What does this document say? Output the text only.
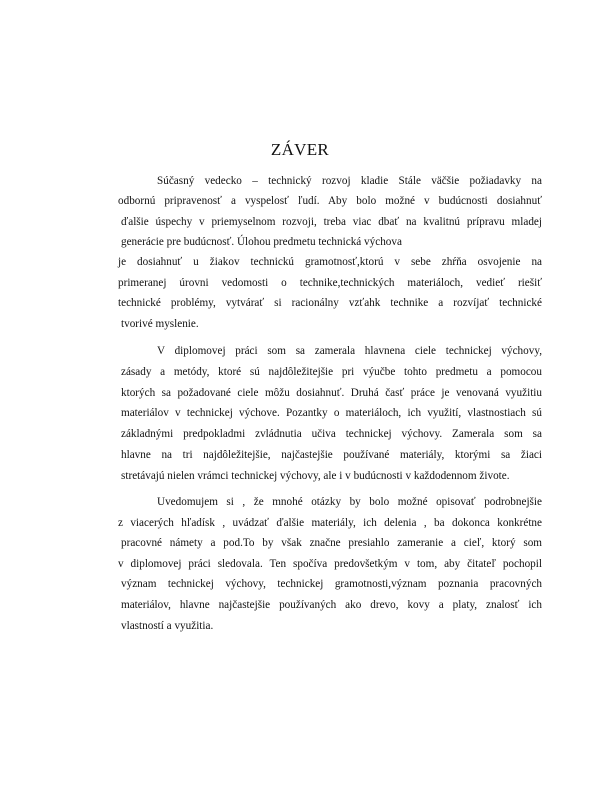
ZÁVER
Súčasný vedecko – technický rozvoj kladie Stále väčšie požiadavky na
odbornú pripravenosť a vyspelosť ľudí. Aby bolo možné v budúcnosti dosiahnuť
ďalšie úspechy v priemyselnom rozvoji, treba viac dbať na kvalitnú prípravu mladej
generácie pre budúcnosť. Úlohou predmetu technická výchova
je dosiahnuť u žiakov technickú gramotnosť,ktorú v sebe zhŕňa osvojenie na
primeranej úrovni vedomosti o technike,technických materiáloch, vedieť riešiť
technické problémy, vytvárať si racionálny vzťahk technike a rozvíjať technické
tvorivé myslenie.
V diplomovej práci som sa zamerala hlavnena ciele technickej výchovy,
zásady a metódy, ktoré sú najdôležitejšie pri výučbe tohto predmetu a pomocou
ktorých sa požadované ciele môžu dosiahnuť. Druhá časť práce je venovaná využitiu
materiálov v technickej výchove. Pozantky o materiáloch, ich využití, vlastnostiach sú
základnými predpokladmi zvládnutia učiva technickej výchovy. Zamerala som sa
hlavne na tri najdôležitejšie, najčastejšie používané materiály, ktorými sa žiaci
stretávajú nielen vrámci technickej výchovy, ale i v budúcnosti v každodennom živote.
Uvedomujem si , že mnohé otázky by bolo možné opisovať podrobnejšie
z viacerých hľadísk , uvádzať ďalšie materiály, ich delenia , ba dokonca konkrétne
pracovné námety a pod.To by však značne presiahlo zameranie a cieľ, ktorý som
v diplomovej práci sledovala. Ten spočíva predovšetkým v tom, aby čitateľ pochopil
význam technickej výchovy, technickej gramotnosti,význam poznania pracovných
materiálov, hlavne najčastejšie používaných ako drevo, kovy a platy, znalosť ich
vlastností a využitia.
